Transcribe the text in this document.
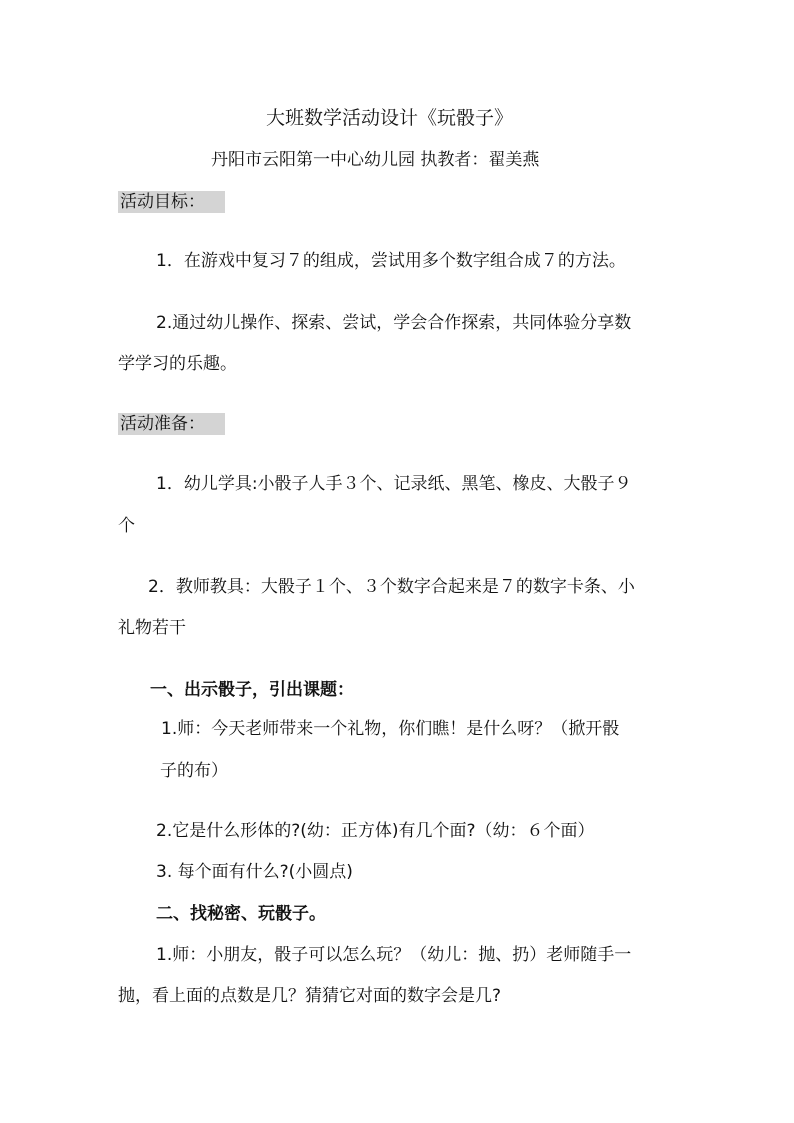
大班数学活动设计《玩骰子》
丹阳市云阳第一中心幼儿园 执教者：翟美燕
活动目标：
1．在游戏中复习７的组成，尝试用多个数字组合成７的方法。
2.通过幼儿操作、探索、尝试，学会合作探索，共同体验分享数
学学习的乐趣。
活动准备：
1．幼儿学具:小骰子人手３个、记录纸、黑笔、橡皮、大骰子９
个
2．教师教具：大骰子１个、３个数字合起来是７的数字卡条、小
礼物若干
一、出示骰子，引出课题：
1.师：今天老师带来一个礼物，你们瞧！是什么呀？（掀开骰
子的布）
2.它是什么形体的?(幼：正方体)有几个面?（幼：６个面）
3. 每个面有什么?(小圆点)
二、找秘密、玩骰子。
1.师：小朋友，骰子可以怎么玩？（幼儿：抛、扔）老师随手一
抛，看上面的点数是几？猜猜它对面的数字会是几?
